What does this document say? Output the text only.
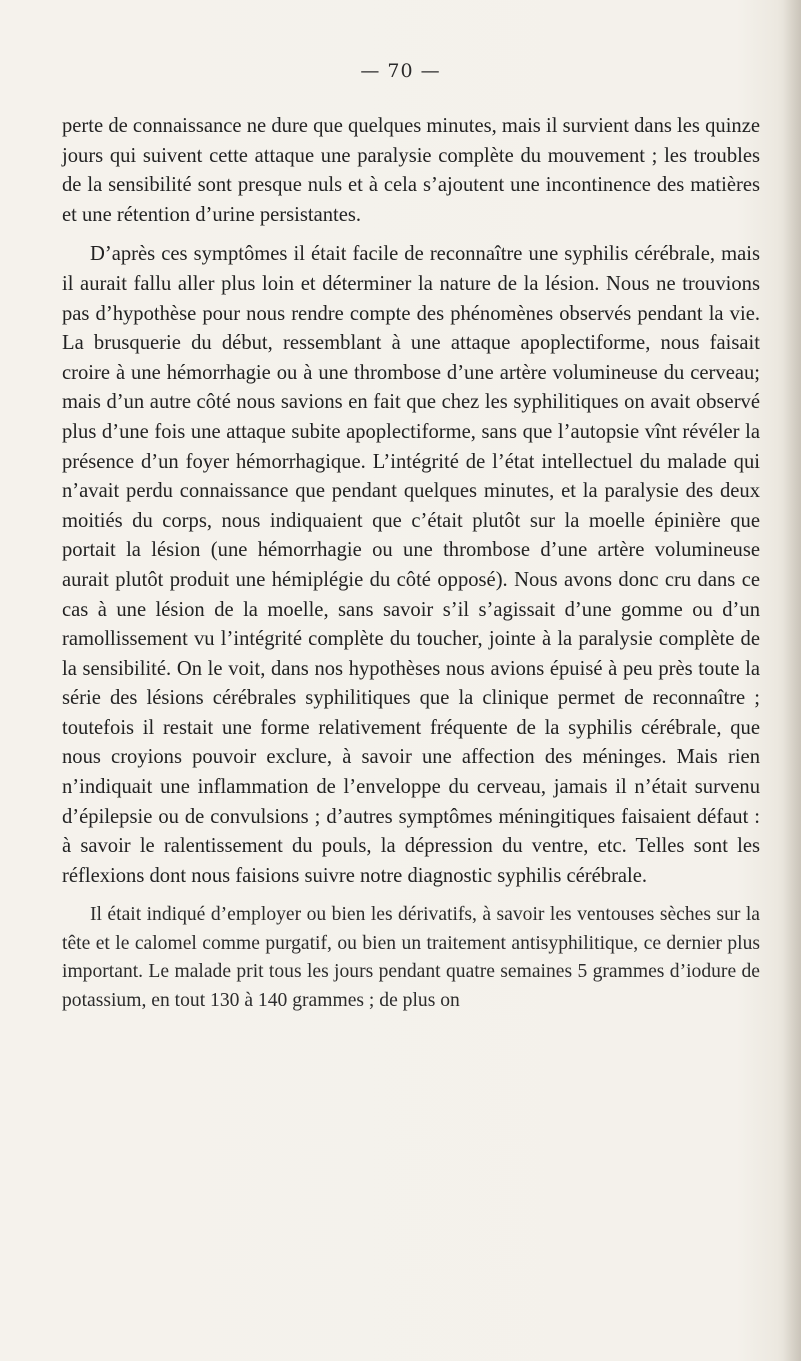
— 70 —

perte de connaissance ne dure que quelques minutes, mais il survient dans les quinze jours qui suivent cette attaque une paralysie complète du mouvement ; les troubles de la sensibilité sont presque nuls et à cela s’ajoutent une incontinence des matières et une rétention d’urine persistantes.

D’après ces symptômes il était facile de reconnaître une syphilis cérébrale, mais il aurait fallu aller plus loin et déterminer la nature de la lésion. Nous ne trouvions pas d’hypothèse pour nous rendre compte des phénomènes observés pendant la vie. La brusquerie du début, ressemblant à une attaque apoplectiforme, nous faisait croire à une hémorrhagie ou à une thrombose d’une artère volumineuse du cerveau; mais d’un autre côté nous savions en fait que chez les syphilitiques on avait observé plus d’une fois une attaque subite apoplectiforme, sans que l’autopsie vînt révéler la présence d’un foyer hémorrhagique. L’intégrité de l’état intellectuel du malade qui n’avait perdu connaissance que pendant quelques minutes, et la paralysie des deux moitiés du corps, nous indiquaient que c’était plutôt sur la moelle épinière que portait la lésion (une hémorrhagie ou une thrombose d’une artère volumineuse aurait plutôt produit une hémiplégie du côté opposé). Nous avons donc cru dans ce cas à une lésion de la moelle, sans savoir s’il s’agissait d’une gomme ou d’un ramollissement vu l’intégrité complète du toucher, jointe à la paralysie complète de la sensibilité. On le voit, dans nos hypothèses nous avions épuisé à peu près toute la série des lésions cérébrales syphilitiques que la clinique permet de reconnaître ; toutefois il restait une forme relativement fréquente de la syphilis cérébrale, que nous croyions pouvoir exclure, à savoir une affection des méninges. Mais rien n’indiquait une inflammation de l’enveloppe du cerveau, jamais il n’était survenu d’épilepsie ou de convulsions ; d’autres symptômes méningitiques faisaient défaut : à savoir le ralentissement du pouls, la dépression du ventre, etc. Telles sont les réflexions dont nous faisions suivre notre diagnostic syphilis cérébrale.

Il était indiqué d’employer ou bien les dérivatifs, à savoir les ventouses sèches sur la tête et le calomel comme purgatif, ou bien un traitement antisyphilitique, ce dernier plus important. Le malade prit tous les jours pendant quatre semaines 5 grammes d’iodure de potassium, en tout 130 à 140 grammes ; de plus on
